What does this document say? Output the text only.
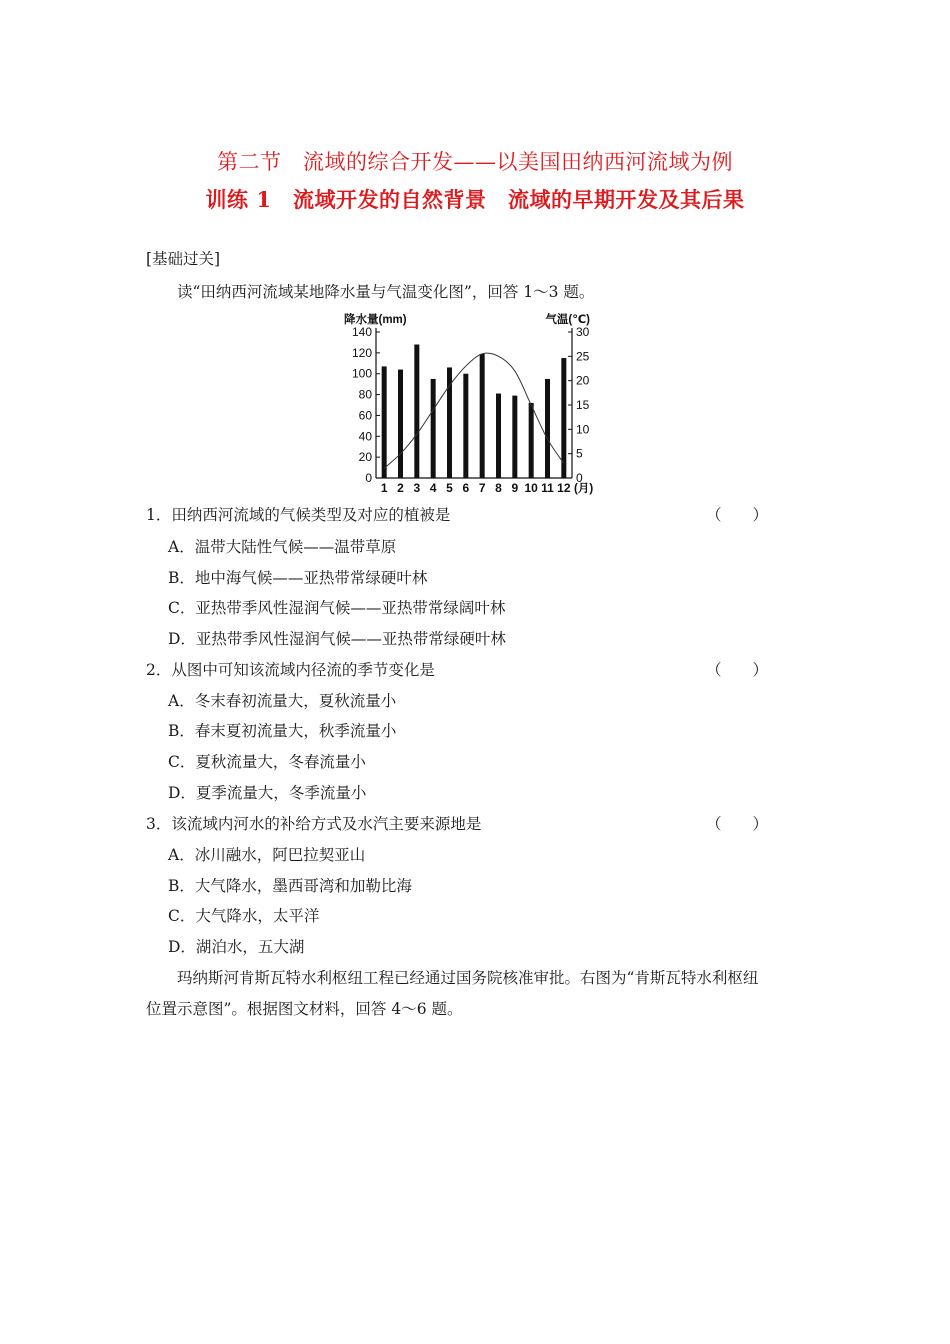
第二节　流域的综合开发——以美国田纳西河流域为例
训练 1　流域开发的自然背景　流域的早期开发及其后果
[基础过关]
读“田纳西河流域某地降水量与气温变化图”，回答 1～3 题。
0
20
40
60
80
100
120
140
0
5
10
15
20
25
30
降水量(mm)	气温(℃)
1 2 3 4 5 6 7 8 9 10 11 12 (月)
1．田纳西河流域的气候类型及对应的植被是	（　　）
A．温带大陆性气候——温带草原
B．地中海气候——亚热带常绿硬叶林
C．亚热带季风性湿润气候——亚热带常绿阔叶林
D．亚热带季风性湿润气候——亚热带常绿硬叶林
2．从图中可知该流域内径流的季节变化是	（　　）
A．冬末春初流量大，夏秋流量小
B．春末夏初流量大，秋季流量小
C．夏秋流量大，冬春流量小
D．夏季流量大，冬季流量小
3．该流域内河水的补给方式及水汽主要来源地是	（　　）
A．冰川融水，阿巴拉契亚山
B．大气降水，墨西哥湾和加勒比海
C．大气降水，太平洋
D．湖泊水，五大湖
玛纳斯河肯斯瓦特水利枢纽工程已经通过国务院核准审批。右图为“肯斯瓦特水利枢纽
位置示意图”。根据图文材料，回答 4～6 题。
